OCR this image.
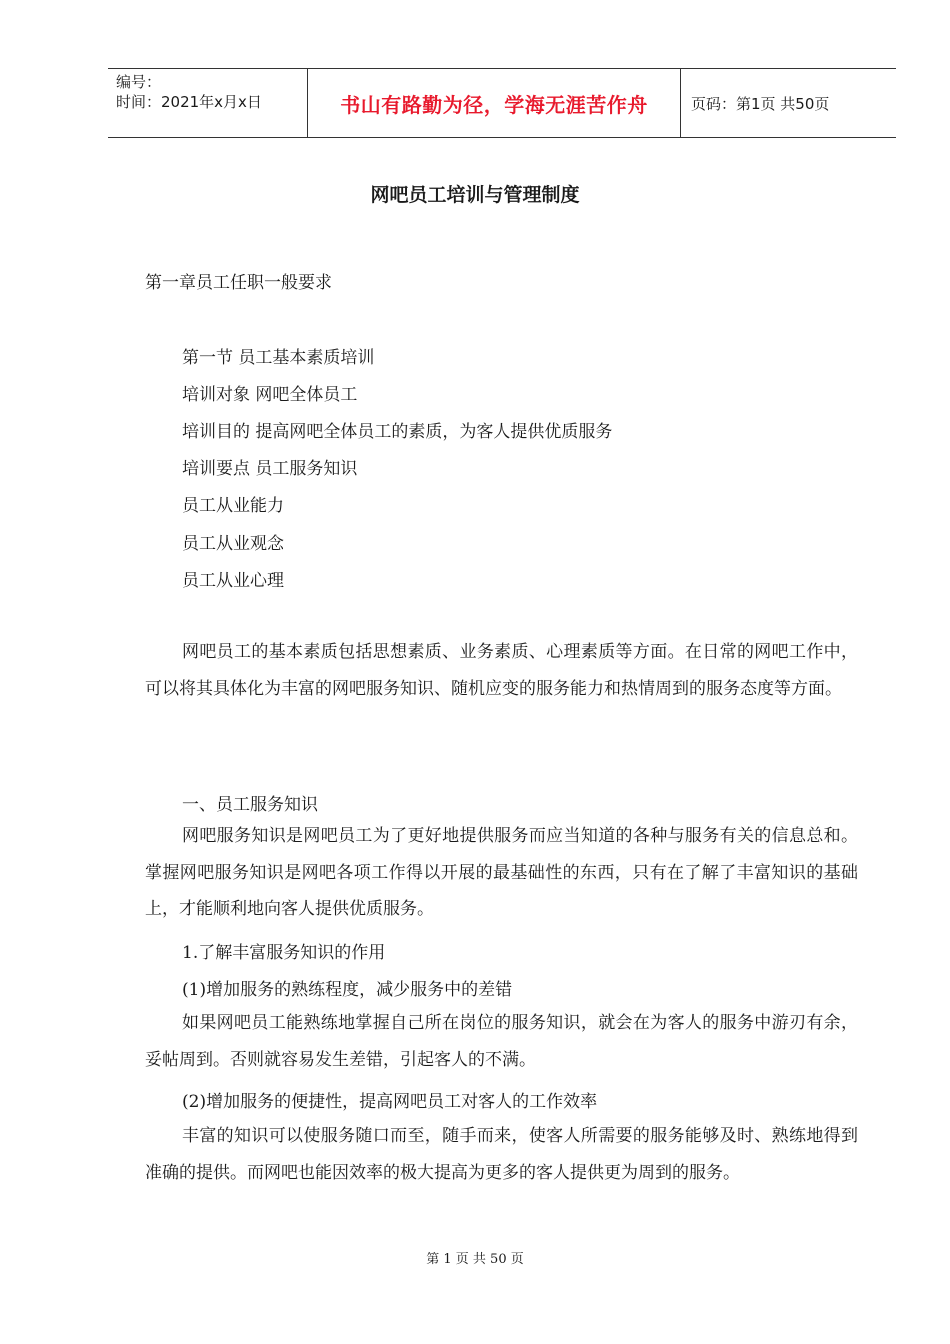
编号：
时间：2021年x月x日	书山有路勤为径，学海无涯苦作舟	页码：第1页 共50页
网吧员工培训与管理制度
第一章员工任职一般要求
第一节 员工基本素质培训
培训对象 网吧全体员工
培训目的 提高网吧全体员工的素质，为客人提供优质服务
培训要点 员工服务知识
员工从业能力
员工从业观念
员工从业心理
网吧员工的基本素质包括思想素质、业务素质、心理素质等方面。在日常的网吧工作中，可以将其具体化为丰富的网吧服务知识、随机应变的服务能力和热情周到的服务态度等方面。
一、员工服务知识
网吧服务知识是网吧员工为了更好地提供服务而应当知道的各种与服务有关的信息总和。掌握网吧服务知识是网吧各项工作得以开展的最基础性的东西，只有在了解了丰富知识的基础上，才能顺利地向客人提供优质服务。
1.了解丰富服务知识的作用
(1)增加服务的熟练程度，减少服务中的差错
如果网吧员工能熟练地掌握自己所在岗位的服务知识，就会在为客人的服务中游刃有余，妥帖周到。否则就容易发生差错，引起客人的不满。
(2)增加服务的便捷性，提高网吧员工对客人的工作效率
丰富的知识可以使服务随口而至，随手而来，使客人所需要的服务能够及时、熟练地得到准确的提供。而网吧也能因效率的极大提高为更多的客人提供更为周到的服务。
第 1 页 共 50 页
